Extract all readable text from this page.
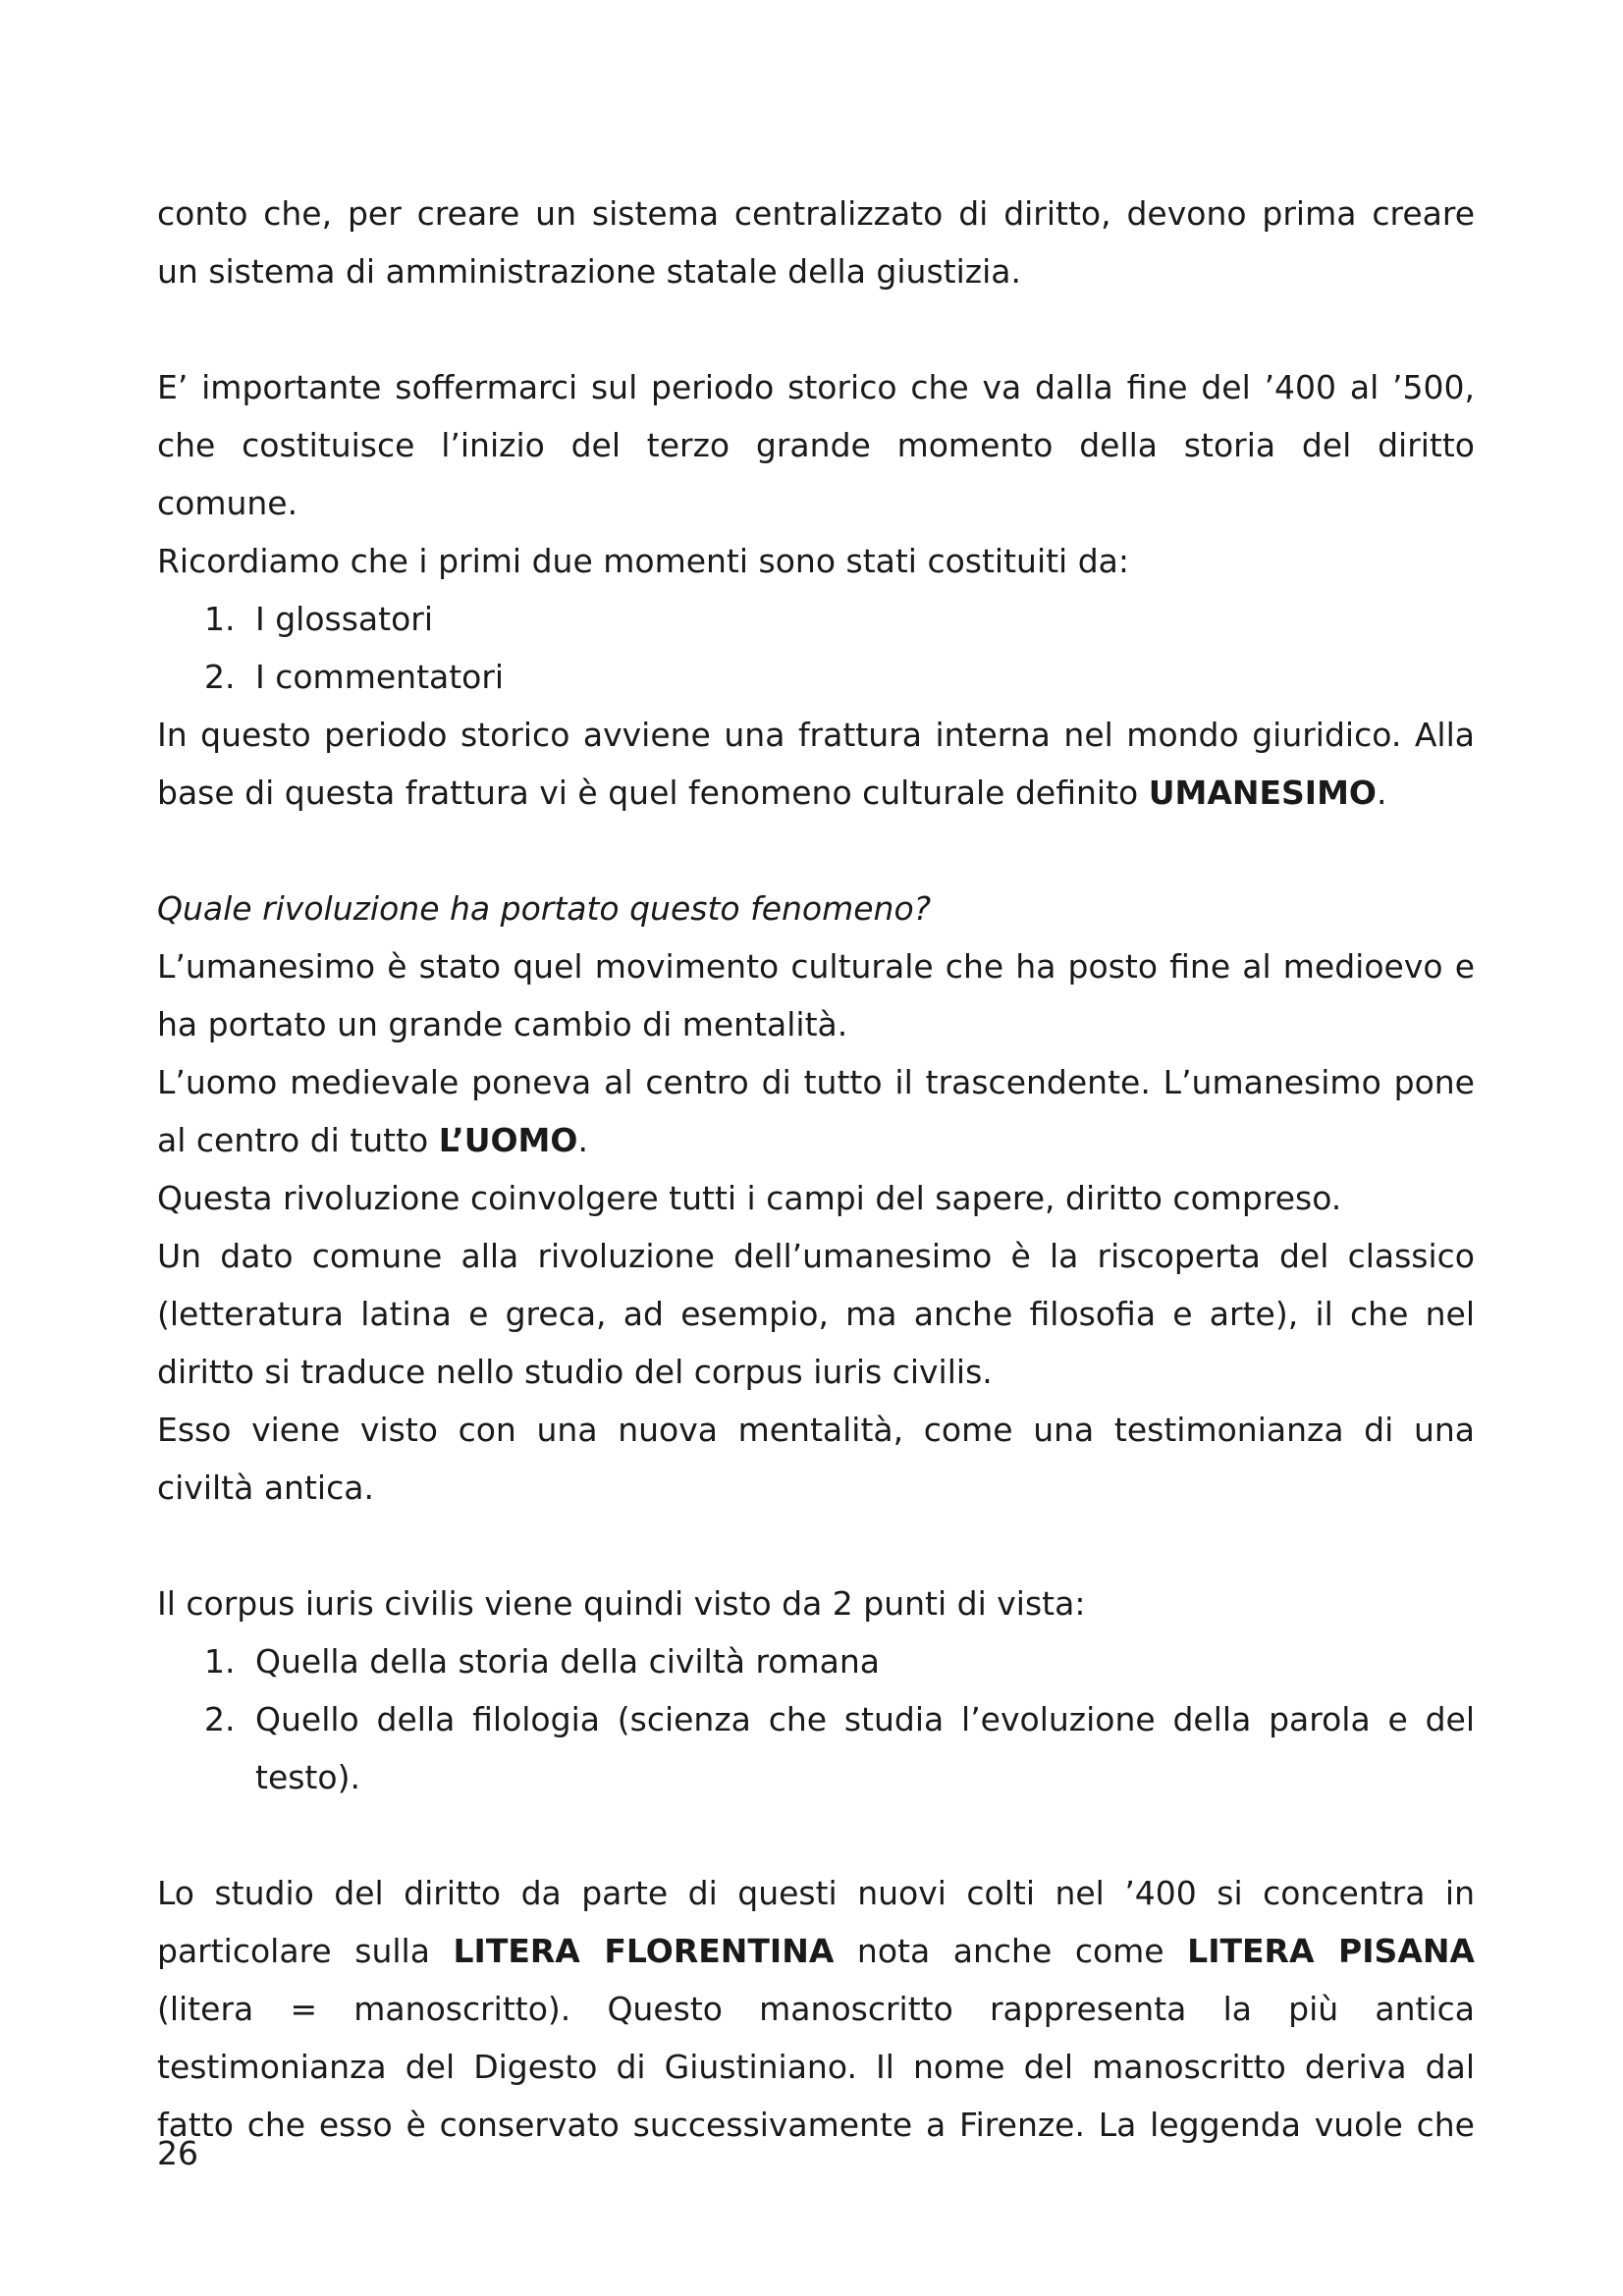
conto che, per creare un sistema centralizzato di diritto, devono prima creare
un sistema di amministrazione statale della giustizia.
E’ importante soffermarci sul periodo storico che va dalla fine del ’400 al ’500,
che costituisce l’inizio del terzo grande momento della storia del diritto
comune.
Ricordiamo che i primi due momenti sono stati costituiti da:
1. I glossatori
2. I commentatori
In questo periodo storico avviene una frattura interna nel mondo giuridico. Alla
base di questa frattura vi è quel fenomeno culturale definito UMANESIMO.
Quale rivoluzione ha portato questo fenomeno?
L’umanesimo è stato quel movimento culturale che ha posto fine al medioevo e
ha portato un grande cambio di mentalità.
L’uomo medievale poneva al centro di tutto il trascendente. L’umanesimo pone
al centro di tutto L’UOMO.
Questa rivoluzione coinvolgere tutti i campi del sapere, diritto compreso.
Un dato comune alla rivoluzione dell’umanesimo è la riscoperta del classico
(letteratura latina e greca, ad esempio, ma anche filosofia e arte), il che nel
diritto si traduce nello studio del corpus iuris civilis.
Esso viene visto con una nuova mentalità, come una testimonianza di una
civiltà antica.
Il corpus iuris civilis viene quindi visto da 2 punti di vista:
1. Quella della storia della civiltà romana
2. Quello della filologia (scienza che studia l’evoluzione della parola e del
testo).
Lo studio del diritto da parte di questi nuovi colti nel ’400 si concentra in
particolare sulla LITERA FLORENTINA nota anche come LITERA PISANA
(litera = manoscritto). Questo manoscritto rappresenta la più antica
testimonianza del Digesto di Giustiniano. Il nome del manoscritto deriva dal
fatto che esso è conservato successivamente a Firenze. La leggenda vuole che
26
